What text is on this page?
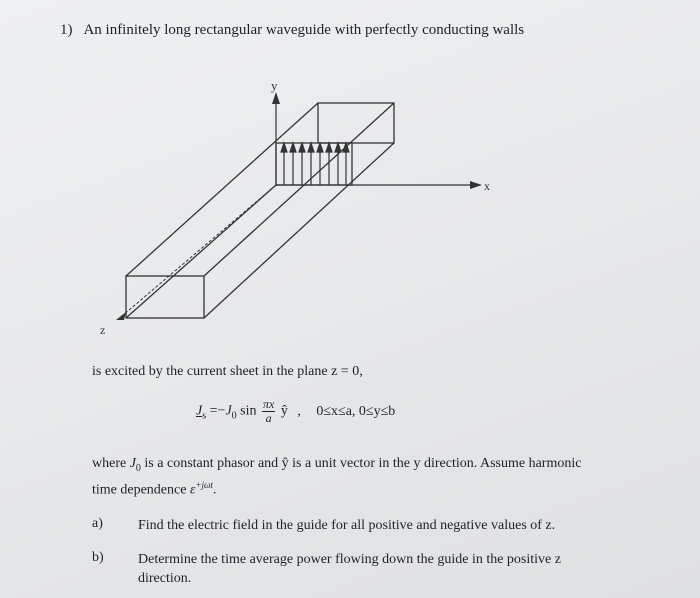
1) An infinitely long rectangular waveguide with perfectly conducting walls
y
x
z
is excited by the current sheet in the plane z = 0,
$J_s =-J_0$ $\sin \frac{\pi x}{a}$ ŷ , 0≤x≤a, 0≤y≤b
where $J_0$ is a constant phasor and ŷ is a unit vector in the y direction. Assume harmonic
time dependence $\varepsilon^{+j\omega t}$.
a)	Find the electric field in the guide for all positive and negative values of z.
b) Determine the time average power flowing down the guide in the positive z direction.
